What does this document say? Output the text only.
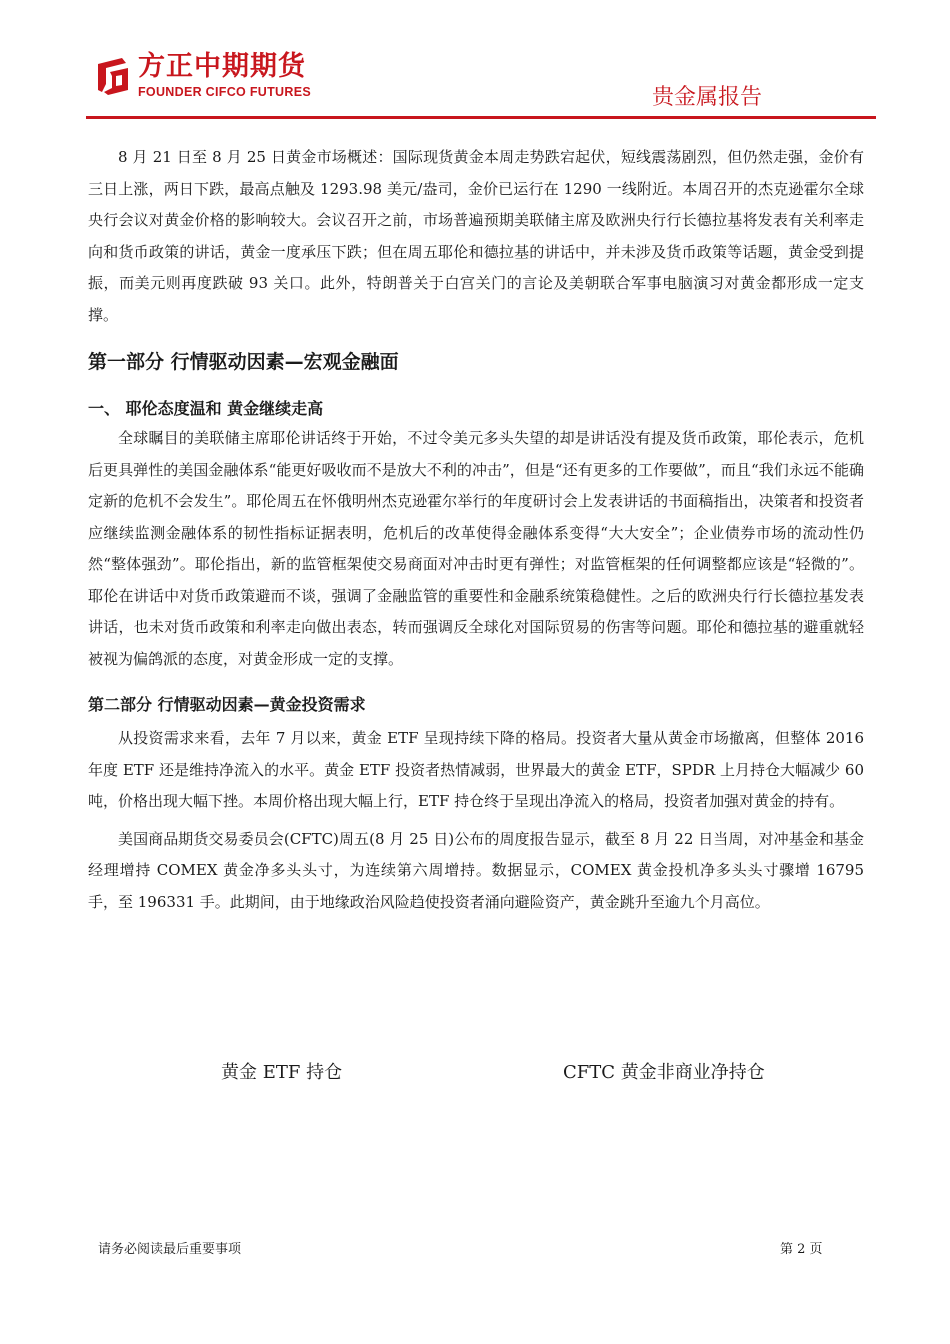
方正中期期货
FOUNDER CIFCO FUTURES	贵金属报告

8 月 21 日至 8 月 25 日黄金市场概述：国际现货黄金本周走势跌宕起伏，短线震荡剧烈，但仍然走强，金价有三日上涨，两日下跌，最高点触及 1293.98 美元/盎司，金价已运行在 1290 一线附近。本周召开的杰克逊霍尔全球央行会议对黄金价格的影响较大。会议召开之前，市场普遍预期美联储主席及欧洲央行行长德拉基将发表有关利率走向和货币政策的讲话，黄金一度承压下跌；但在周五耶伦和德拉基的讲话中，并未涉及货币政策等话题，黄金受到提振，而美元则再度跌破 93 关口。此外，特朗普关于白宫关门的言论及美朝联合军事电脑演习对黄金都形成一定支撑。

第一部分 行情驱动因素—宏观金融面
一、 耶伦态度温和 黄金继续走高

全球瞩目的美联储主席耶伦讲话终于开始，不过令美元多头失望的却是讲话没有提及货币政策，耶伦表示，危机后更具弹性的美国金融体系“能更好吸收而不是放大不利的冲击”，但是“还有更多的工作要做”，而且“我们永远不能确定新的危机不会发生”。耶伦周五在怀俄明州杰克逊霍尔举行的年度研讨会上发表讲话的书面稿指出，决策者和投资者应继续监测金融体系的韧性指标证据表明，危机后的改革使得金融体系变得“大大安全”；企业债券市场的流动性仍然“整体强劲”。耶伦指出，新的监管框架使交易商面对冲击时更有弹性；对监管框架的任何调整都应该是“轻微的”。耶伦在讲话中对货币政策避而不谈，强调了金融监管的重要性和金融系统策稳健性。之后的欧洲央行行长德拉基发表讲话，也未对货币政策和利率走向做出表态，转而强调反全球化对国际贸易的伤害等问题。耶伦和德拉基的避重就轻被视为偏鸽派的态度，对黄金形成一定的支撑。

第二部分 行情驱动因素—黄金投资需求

从投资需求来看，去年 7 月以来，黄金 ETF 呈现持续下降的格局。投资者大量从黄金市场撤离，但整体 2016 年度 ETF 还是维持净流入的水平。黄金 ETF 投资者热情减弱，世界最大的黄金 ETF，SPDR 上月持仓大幅减少 60 吨，价格出现大幅下挫。本周价格出现大幅上行，ETF 持仓终于呈现出净流入的格局，投资者加强对黄金的持有。

美国商品期货交易委员会(CFTC)周五(8 月 25 日)公布的周度报告显示，截至 8 月 22 日当周，对冲基金和基金经理增持 COMEX 黄金净多头头寸，为连续第六周增持。数据显示，COMEX 黄金投机净多头头寸骤增 16795 手，至 196331 手。此期间，由于地缘政治风险趋使投资者涌向避险资产，黄金跳升至逾九个月高位。

黄金 ETF 持仓	CFTC 黄金非商业净持仓
请务必阅读最后重要事项	第 2 页
